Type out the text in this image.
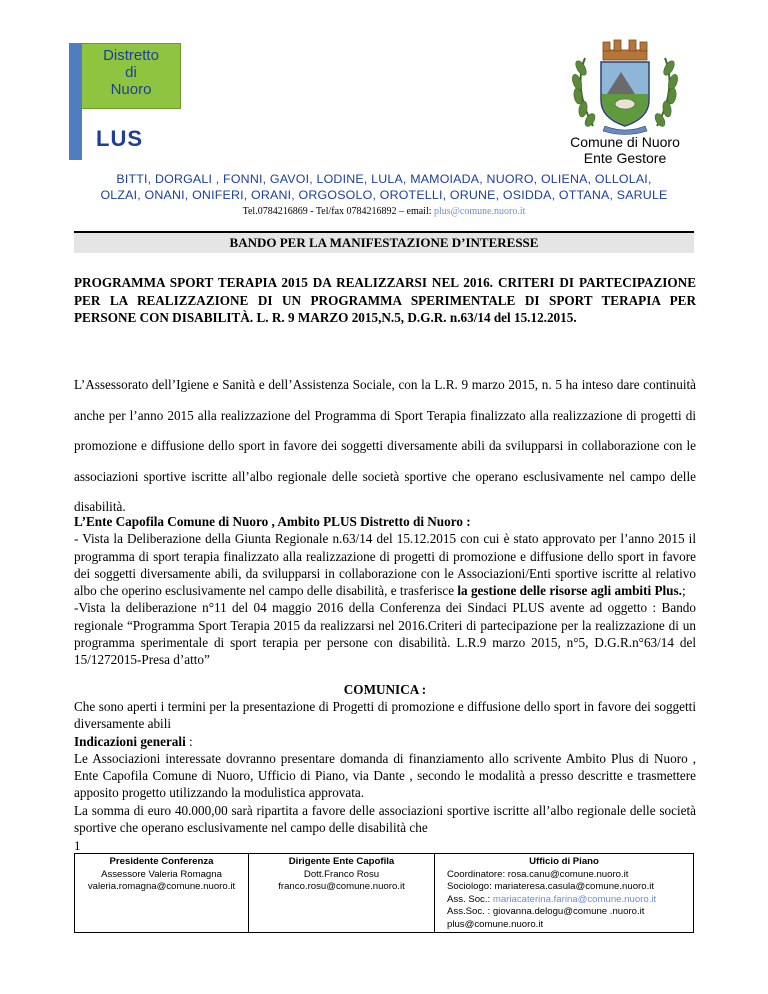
Distretto
di
Nuoro
LUS	Comune di Nuoro
Ente Gestore
BITTI, DORGALI , FONNI, GAVOI, LODINE, LULA, MAMOIADA, NUORO, OLIENA, OLLOLAI,
OLZAI, ONANI, ONIFERI, ORANI, ORGOSOLO, OROTELLI, ORUNE, OSIDDA, OTTANA, SARULE
Tel.0784216869 - Tel/fax 0784216892 – email: plus@comune.nuoro.it
BANDO PER LA MANIFESTAZIONE D’INTERESSE
PROGRAMMA SPORT TERAPIA 2015 DA REALIZZARSI NEL 2016. CRITERI DI PARTECIPAZIONE PER LA REALIZZAZIONE DI UN PROGRAMMA SPERIMENTALE DI SPORT TERAPIA PER PERSONE CON DISABILITÀ. L. R. 9 MARZO 2015,N.5, D.G.R. n.63/14 del 15.12.2015.
L’Assessorato dell’Igiene e Sanità e dell’Assistenza Sociale, con la L.R. 9 marzo 2015, n. 5 ha inteso dare continuità anche per l’anno 2015 alla realizzazione del Programma di Sport Terapia finalizzato alla realizzazione di progetti di promozione e diffusione dello sport in favore dei soggetti diversamente abili da svilupparsi in collaborazione con le associazioni sportive iscritte all’albo regionale delle società sportive che operano esclusivamente nel campo delle disabilità.

L’Ente Capofila Comune di Nuoro , Ambito PLUS Distretto di Nuoro :

- Vista la Deliberazione della Giunta Regionale n.63/14 del 15.12.2015 con cui è stato approvato per l’anno 2015 il programma di sport terapia finalizzato alla realizzazione di progetti di promozione e diffusione dello sport in favore dei soggetti diversamente abili, da svilupparsi in collaborazione con le Associazioni/Enti sportive iscritte al relativo albo che operino esclusivamente nel campo delle disabilità, e trasferisce la gestione delle risorse agli ambiti Plus.;

-Vista la deliberazione n°11 del 04 maggio 2016 della Conferenza dei Sindaci PLUS avente ad oggetto : Bando regionale “Programma Sport Terapia 2015 da realizzarsi nel 2016.Criteri di partecipazione per la realizzazione di un programma sperimentale di sport terapia per persone con disabilità. L.R.9 marzo 2015, n°5, D.G.R.n°63/14 del 15/1272015-Presa d’atto”

COMUNICA :

Che sono aperti i termini per la presentazione di Progetti di promozione e diffusione dello sport in favore dei soggetti diversamente abili

Indicazioni generali :

Le Associazioni interessate dovranno presentare domanda di finanziamento allo scrivente Ambito Plus di Nuoro , Ente Capofila Comune di Nuoro, Ufficio di Piano, via Dante , secondo le modalità a presso descritte e trasmettere apposito progetto utilizzando la modulistica approvata.

La somma di euro 40.000,00 sarà ripartita a favore delle associazioni sportive iscritte all’albo regionale delle società sportive che operano esclusivamente nel campo delle disabilità che

1
Presidente Conferenza
Assessore Valeria Romagna
valeria.romagna@comune.nuoro.it
Dirigente Ente Capofila
Dott.Franco Rosu
franco.rosu@comune.nuoro.it
Ufficio di Piano
Coordinatore: rosa.canu@comune.nuoro.it
Sociologo: mariateresa.casula@comune.nuoro.it
Ass. Soc.: mariacaterina.farina@comune.nuoro.it
Ass.Soc. : giovanna.delogu@comune .nuoro.it
plus@comune.nuoro.it
